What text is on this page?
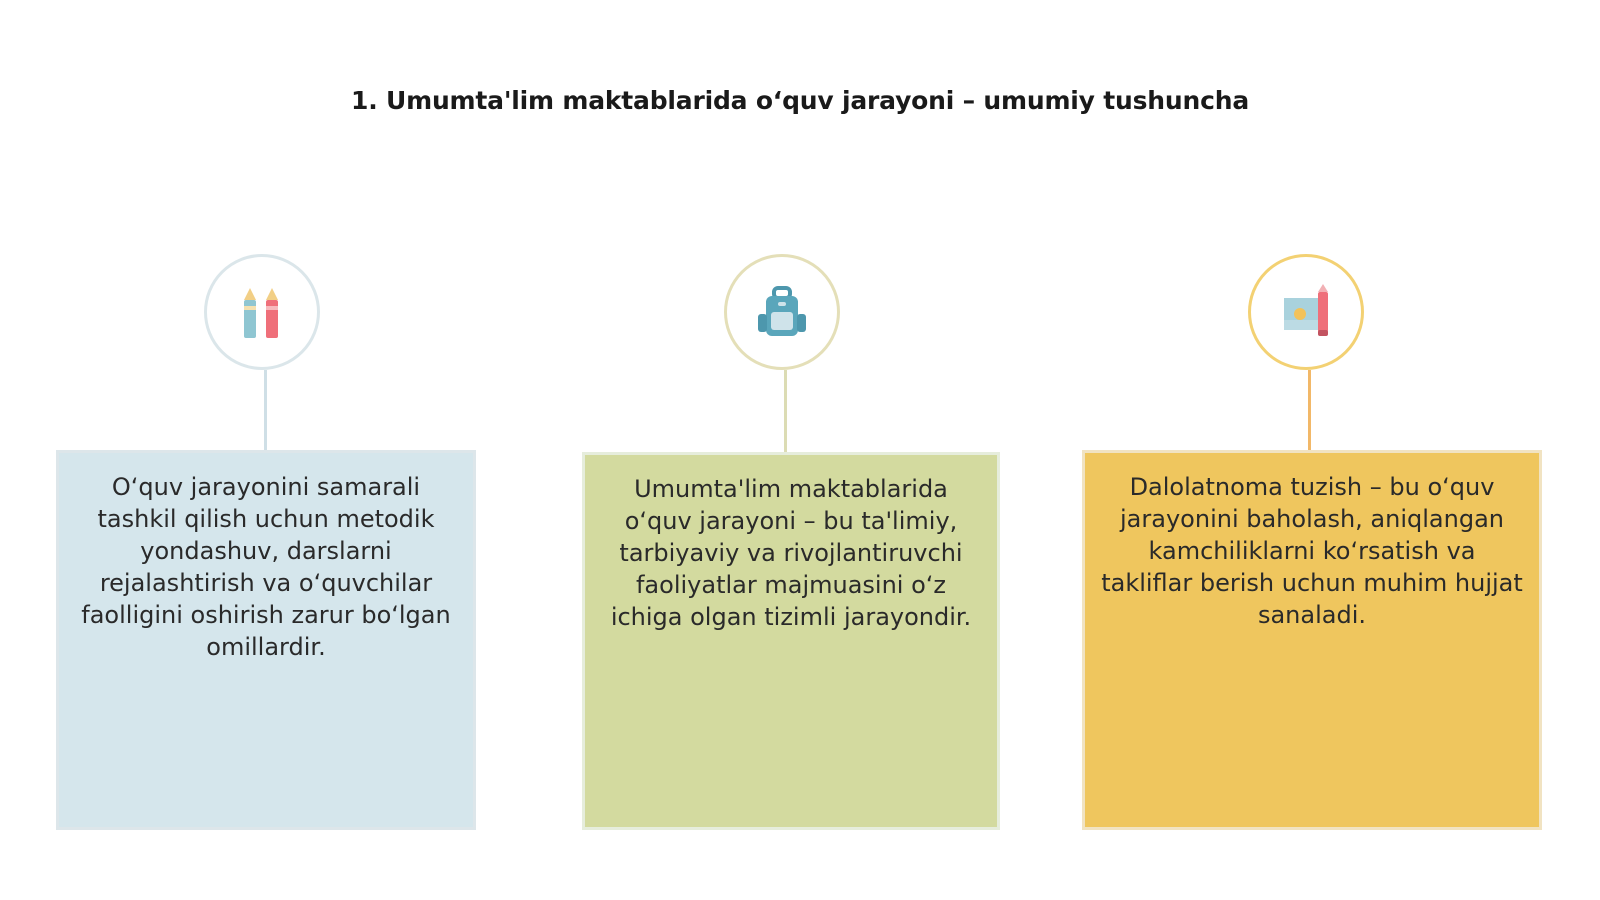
1. Umumta'lim maktablarida o‘quv jarayoni – umumiy tushuncha
O‘quv jarayonini samarali tashkil qilish uchun metodik yondashuv, darslarni rejalashtirish va o‘quvchilar faolligini oshirish zarur bo‘lgan omillardir.
Umumta'lim maktablarida o‘quv jarayoni – bu ta'limiy, tarbiyaviy va rivojlantiruvchi faoliyatlar majmuasini o‘z ichiga olgan tizimli jarayondir.
Dalolatnoma tuzish – bu o‘quv jarayonini baholash, aniqlangan kamchiliklarni ko‘rsatish va takliflar berish uchun muhim hujjat sanaladi.
